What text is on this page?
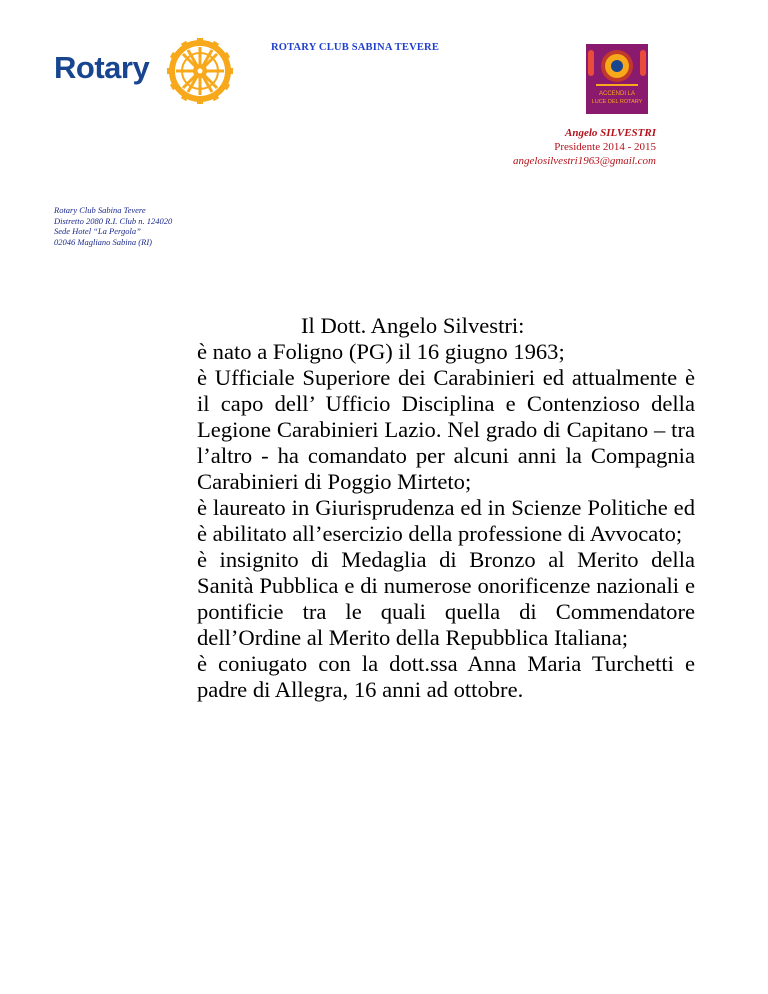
Rotary
ROTARY CLUB SABINA TEVERE
ACCENDI LA
LUCE DEL ROTARY
Angelo SILVESTRI
Presidente 2014 - 2015
angelosilvestri1963@gmail.com
Rotary Club Sabina Tevere
Distretto 2080 R.I. Club n. 124020
Sede Hotel “La Pergola”
02046 Magliano Sabina (RI)
Il Dott. Angelo Silvestri:

è nato a Foligno (PG) il 16 giugno 1963;

è Ufficiale Superiore dei Carabinieri ed attualmente è il capo dell’ Ufficio Disciplina e Contenzioso della Legione Carabinieri Lazio. Nel grado di Capitano – tra l’altro - ha comandato per alcuni anni la Compagnia Carabinieri di Poggio Mirteto;

è laureato in Giurisprudenza ed in Scienze Politiche ed è abilitato all’esercizio della professione di Avvocato;

è insignito di Medaglia di Bronzo al Merito della Sanità Pubblica e di numerose onorificenze nazionali e pontificie tra le quali quella di Commendatore dell’Ordine al Merito della Repubblica Italiana;

è coniugato con la dott.ssa Anna Maria Turchetti e padre di Allegra, 16 anni ad ottobre.
